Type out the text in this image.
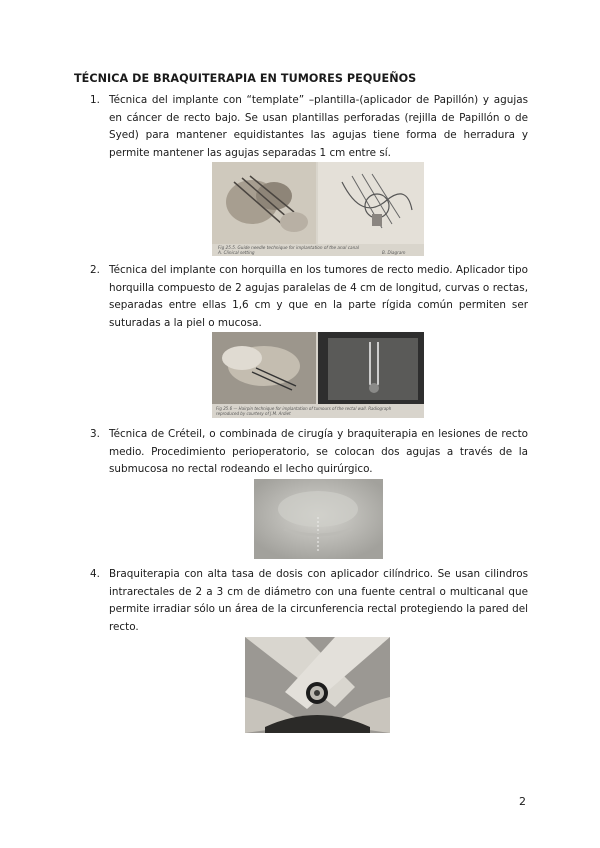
TÉCNICA DE BRAQUITERAPIA EN TUMORES PEQUEÑOS
1. Técnica del implante con “template” –plantilla-(aplicador de Papillón) y agujas en cáncer de recto bajo. Se usan plantillas perforadas (rejilla de Papillón o de Syed) para mantener equidistantes las agujas tiene forma de herradura y permite mantener las agujas separadas 1 cm entre sí.
Fig 25.5. Guide needle technique for implantation of the anal canal
A. Clinical setting	B. Diagram
2. Técnica del implante con horquilla en los tumores de recto medio. Aplicador tipo horquilla compuesto de 2 agujas paralelas de 4 cm de longitud, curvas o rectas, separadas entre ellas 1,6 cm y que en la parte rígida común permiten ser suturadas a la piel o mucosa.
Fig 25.6 — Hairpin technique for implantation of tumours of the rectal wall. Radiograph
reproduced by courtesy of J.M. Ardiet
3. Técnica de Créteil, o combinada de cirugía y braquiterapia en lesiones de recto medio. Procedimiento perioperatorio, se colocan dos agujas a través de la submucosa no rectal rodeando el lecho quirúrgico.
4. Braquiterapia con alta tasa de dosis con aplicador cilíndrico. Se usan cilindros intrarectales de 2 a 3 cm de diámetro con una fuente central o multicanal que permite irradiar sólo un área de la circunferencia rectal protegiendo la pared del recto.
2
